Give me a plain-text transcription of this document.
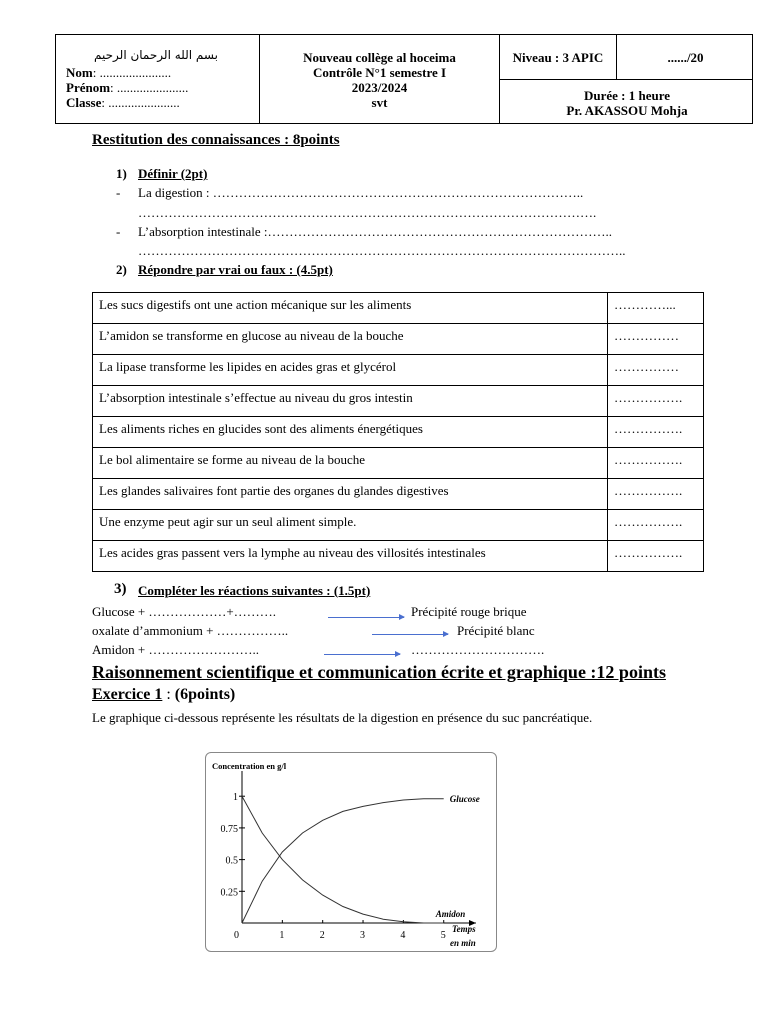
بسم الله الرحمان الرحيم
Nom: ......................
Prénom: ......................
Classe: ......................
Nouveau collège al hoceima
Contrôle N°1 semestre I
2023/2024
svt
Niveau : 3 APIC	....../20
Durée : 1 heure
Pr. AKASSOU Mohja
Restitution des connaissances : 8points
1) Définir (2pt)
- La digestion : …………………………………………………………………………..
…………………………………………………………………………………………….
- L’absorption intestinale :……………………………………………………………………..
…………………………………………………………………………………………………..
2) Répondre par vrai ou faux : (4.5pt)
Les sucs digestifs ont une action mécanique sur les aliments	…………...
L’amidon se transforme en glucose au niveau de la bouche	……………
La lipase transforme les lipides en acides gras et glycérol	……………
L’absorption intestinale s’effectue au niveau du gros intestin	…………….
Les aliments riches en glucides sont des aliments énergétiques	…………….
Le bol alimentaire se forme au niveau de la bouche	…………….
Les glandes salivaires font partie des organes du glandes digestives	…………….
Une enzyme peut agir sur un seul aliment simple.	…………….
Les acides gras passent vers la lymphe au niveau des villosités intestinales	…………….
3) Compléter les réactions suivantes : (1.5pt)
Glucose + ………………+……….	Précipité rouge brique
oxalate d’ammonium + ……………..	Précipité blanc
Amidon + ……………………..	………………………….
Raisonnement scientifique et communication écrite et graphique :12 points
Exercice 1 : (6points)
Le graphique ci-dessous représente les résultats de la digestion en présence du suc pancréatique.
Concentration en g/l
Temps
en min
0	1	2	3	4	5
0.25
0.5
0.75
1	Glucose
Amidon
